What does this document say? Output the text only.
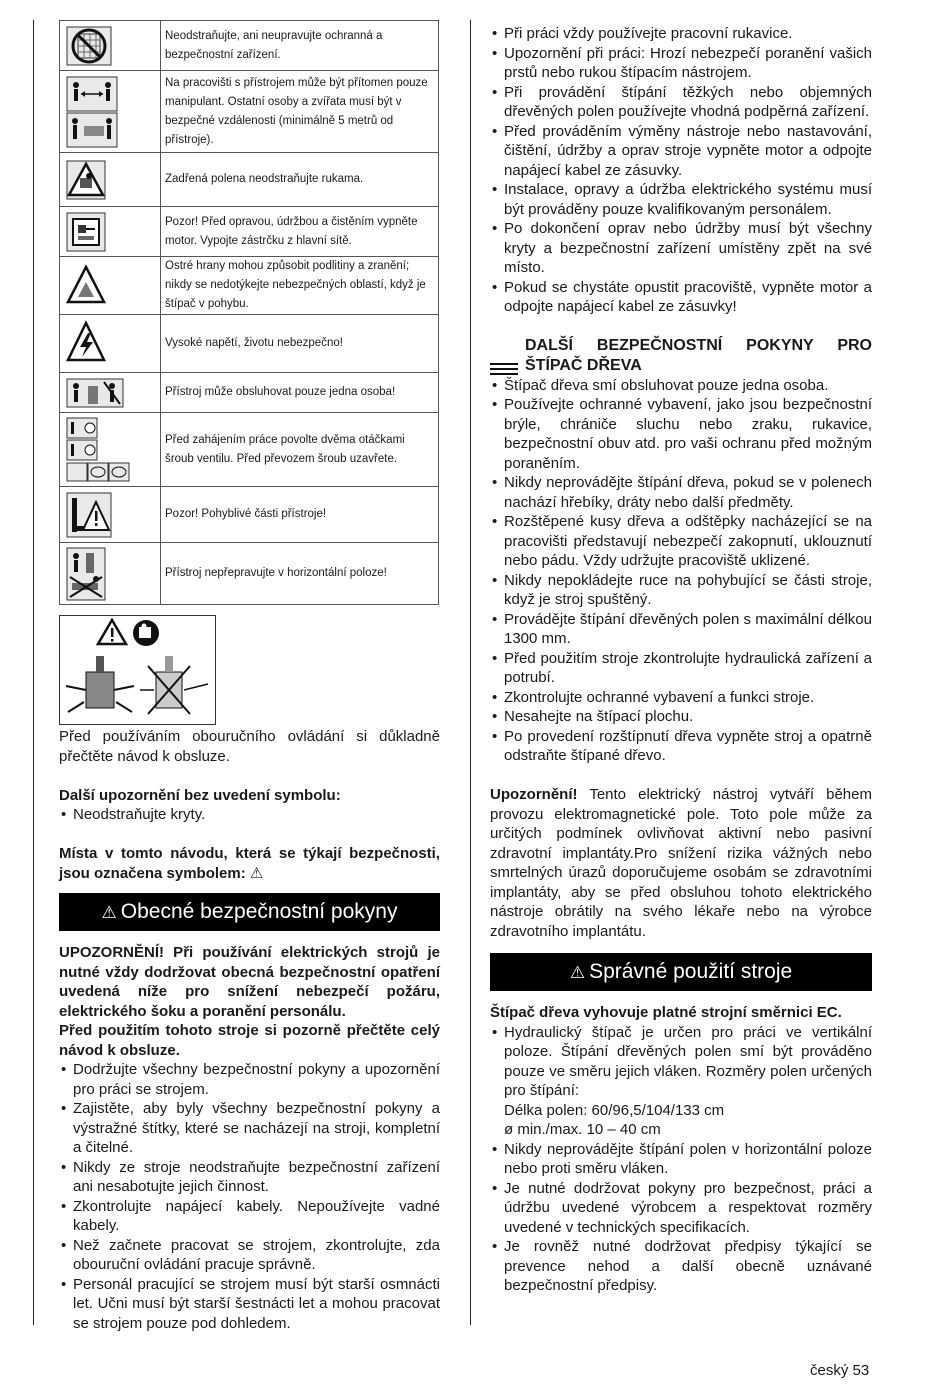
	Neodstraňujte, ani neupravujte ochranná a bezpečnostní zařízení.

	Na pracovišti s přístrojem může být přítomen pouze manipulant. Ostatní osoby a zvířata musí být v bezpečné vzdálenosti (minimálně 5 metrů od přístroje).

	Zadřená polena neodstraňujte rukama.

	Pozor! Před opravou, údržbou a čistěním vypněte motor. Vypojte zástrčku z hlavní sítě.

	Ostré hrany mohou způsobit podlitiny a zranění; nikdy se nedotýkejte nebezpečných oblastí, když je štípač v pohybu.

	Vysoké napětí, životu nebezpečno!

	Přístroj může obsluhovat pouze jedna osoba!

	Před zahájením práce povolte dvěma otáčkami šroub ventilu. Před převozem šroub uzavřete.

	Pozor! Pohyblivé části přístroje!

	Přístroj nepřepravujte v horizontální poloze!

Před používáním obouručního ovládání si důkladně přečtěte návod k obsluze.

Další upozornění bez uvedení symbolu:

• Neodstraňujte kryty.

Místa v tomto návodu, která se týkají bezpečnosti, jsou označena symbolem: ⚠

⚠ Obecné bezpečnostní pokyny

UPOZORNĚNÍ! Při používání elektrických strojů je nutné vždy dodržovat obecná bezpečnostní opatření uvedená níže pro snížení nebezpečí požáru, elektrického šoku a poranění personálu.

Před použitím tohoto stroje si pozorně přečtěte celý návod k obsluze.

• Dodržujte všechny bezpečnostní pokyny a upozornění pro práci se strojem.
• Zajistěte, aby byly všechny bezpečnostní pokyny a výstražné štítky, které se nacházejí na stroji, kompletní a čitelné.
• Nikdy ze stroje neodstraňujte bezpečnostní zařízení ani nesabotujte jejich činnost.
• Zkontrolujte napájecí kabely. Nepoužívejte vadné kabely.
• Než začnete pracovat se strojem, zkontrolujte, zda obouruční ovládání pracuje správně.
• Personál pracující se strojem musí být starší osmnácti let. Učni musí být starší šestnácti let a mohou pracovat se strojem pouze pod dohledem.
• Při práci vždy používejte pracovní rukavice.
• Upozornění při práci: Hrozí nebezpečí poranění vašich prstů nebo rukou štípacím nástrojem.
• Při provádění štípání těžkých nebo objemných dřevěných polen používejte vhodná podpěrná zařízení.
• Před prováděním výměny nástroje nebo nastavování, čištění, údržby a oprav stroje vypněte motor a odpojte napájecí kabel ze zásuvky.
• Instalace, opravy a údržba elektrického systému musí být prováděny pouze kvalifikovaným personálem.
• Po dokončení oprav nebo údržby musí být všechny kryty a bezpečnostní zařízení umístěny zpět na své místo.
• Pokud se chystáte opustit pracoviště, vypněte motor a odpojte napájecí kabel ze zásuvky!
DALŠÍ BEZPEČNOSTNÍ POKYNY PRO ŠTÍPAČ DŘEVA
• Štípač dřeva smí obsluhovat pouze jedna osoba.
• Používejte ochranné vybavení, jako jsou bezpečnostní brýle, chrániče sluchu nebo zraku, rukavice, bezpečnostní obuv atd. pro vaši ochranu před možným poraněním.
• Nikdy neprovádějte štípání dřeva, pokud se v polenech nachází hřebíky, dráty nebo další předměty.
• Rozštěpené kusy dřeva a odštěpky nacházející se na pracovišti představují nebezpečí zakopnutí, uklouznutí nebo pádu. Vždy udržujte pracoviště uklizené.
• Nikdy nepokládejte ruce na pohybující se části stroje, když je stroj spuštěný.
• Provádějte štípání dřevěných polen s maximální délkou 1300 mm.
• Před použitím stroje zkontrolujte hydraulická zařízení a potrubí.
• Zkontrolujte ochranné vybavení a funkci stroje.
• Nesahejte na štípací plochu.
• Po provedení rozštípnutí dřeva vypněte stroj a opatrně odstraňte štípané dřevo.

Upozornění! Tento elektrický nástroj vytváří během provozu elektromagnetické pole. Toto pole může za určitých podmínek ovlivňovat aktivní nebo pasivní zdravotní implantáty.Pro snížení rizika vážných nebo smrtelných úrazů doporučujeme osobám se zdravotními implantáty, aby se před obsluhou tohoto elektrického nástroje obrátily na svého lékaře nebo na výrobce zdravotního implantátu.

⚠ Správné použití stroje

Štípač dřeva vyhovuje platné strojní směrnici EC.

• Hydraulický štípač je určen pro práci ve vertikální poloze. Štípání dřevěných polen smí být prováděno pouze ve směru jejich vláken. Rozměry polen určených pro štípání:
Délka polen: 60/96,5/104/133 cm
ø min./max. 10 – 40 cm
• Nikdy neprovádějte štípání polen v horizontální poloze nebo proti směru vláken.
• Je nutné dodržovat pokyny pro bezpečnost, práci a údržbu uvedené výrobcem a respektovat rozměry uvedené v technických specifikacích.
• Je rovněž nutné dodržovat předpisy týkající se prevence nehod a další obecně uznávané bezpečnostní předpisy.
český 53
